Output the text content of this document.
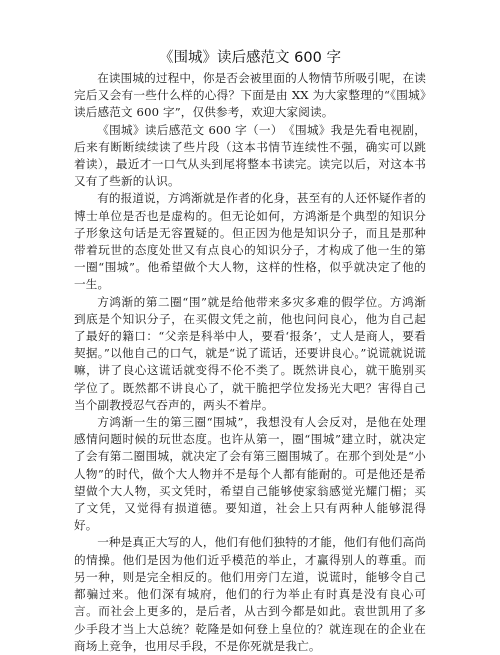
《围城》读后感范文 600 字

在读围城的过程中，你是否会被里面的人物情节所吸引呢，在读完后又会有一些什么样的心得？下面是由 XX 为大家整理的“《围城》读后感范文 600 字”，仅供参考，欢迎大家阅读。

《围城》读后感范文 600 字（一）　《围城》我是先看电视剧，后来有断断续续读了些片段（这本书情节连续性不强，确实可以跳着读），最近才一口气从头到尾将整本书读完。读完以后，对这本书又有了些新的认识。

有的报道说，方鸿渐就是作者的化身，甚至有的人还怀疑作者的博士单位是否也是虚构的。但无论如何，方鸿渐是个典型的知识分子形象这句话是无容置疑的。但正因为他是知识分子，而且是那种带着玩世的态度处世又有点良心的知识分子，才构成了他一生的第一圈“围城”。他希望做个大人物，这样的性格，似乎就决定了他的一生。

方鸿渐的第二圈“围”就是给他带来多灾多难的假学位。方鸿渐到底是个知识分子，在买假文凭之前，他也问问良心，他为自己起了最好的籍口：“父亲是科举中人，要看‘报条’，丈人是商人，要看契据。”以他自己的口气，就是“说了谎话，还要讲良心。”说谎就说谎嘛，讲了良心这谎话就变得不伦不类了。既然讲良心，就干脆别买学位了。既然都不讲良心了，就干脆把学位发扬光大吧？害得自己当个副教授忍气吞声的，两头不着岸。

方鸿渐一生的第三圈“围城”，我想没有人会反对，是他在处理感情问题时候的玩世态度。也许从第一，圈“围城”建立时，就决定了会有第二圈围城，就决定了会有第三圈围城了。在那个到处是“小人物”的时代，做个大人物并不是每个人都有能耐的。可是他还是希望做个大人物，买文凭时，希望自己能够使家翁感觉光耀门楣；买了文凭，又觉得有损道德。要知道，社会上只有两种人能够混得好。

一种是真正大写的人，他们有他们独特的才能，他们有他们高尚的情操。他们是因为他们近乎模范的举止，才赢得别人的尊重。而另一种，则是完全相反的。他们用旁门左道，说谎时，能够令自己都骗过来。他们深有城府，他们的行为举止有时真是没有良心可言。而社会上更多的，是后者，从古到今都是如此。袁世凯用了多少手段才当上大总统？乾隆是如何登上皇位的？就连现在的企业在商场上竞争，也用尽手段，不是你死就是我亡。
